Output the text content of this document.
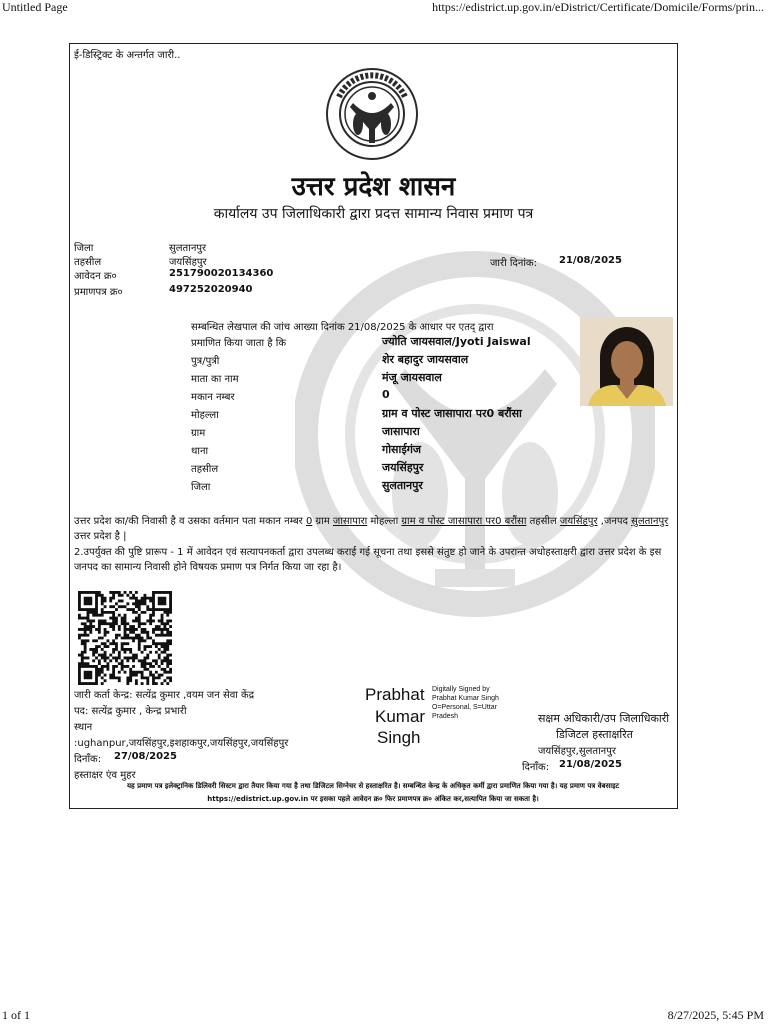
Untitled Page	https://edistrict.up.gov.in/eDistrict/Certificate/Domicile/Forms/prin...
1 of 1	8/27/2025, 5:45 PM
ई-डिस्ट्रिक्ट के अन्तर्गत जारी..
उत्तर प्रदेश शासन
कार्यालय उप जिलाधिकारी द्वारा प्रदत्त सामान्य निवास प्रमाण पत्र
जिला	सुलतानपुर
तहसील	जयसिंहपुर
आवेदन क्र०	251790020134360
प्रमाणपत्र क्र०	497252020940
जारी दिनांक: 21/08/2025
सम्बन्धित लेखपाल की जांच आख्या दिनांक 21/08/2025 के आधार पर एतद् द्वारा
प्रमाणित किया जाता है कि	ज्योति जायसवाल/Jyoti Jaiswal
पुत्र/पुत्री	शेर बहादुर जायसवाल
माता का नाम	मंजू जायसवाल
मकान नम्बर	0
मोहल्ला	ग्राम व पोस्ट जासापारा पर0 बरौंसा
ग्राम	जासापारा
थाना	गोसाईगंज
तहसील	जयसिंहपुर
जिला	सुलतानपुर
उत्तर प्रदेश का/की निवासी है व उसका वर्तमान पता मकान नम्बर 0 ग्राम जासापारा मोहल्ला ग्राम व पोस्ट जासापारा पर0 बरौंसा तहसील जयसिंहपुर ,जनपद सुलतानपुर उत्तर प्रदेश है |
2.उपर्युक्त की पुष्टि प्रारूप - 1 में आवेदन एवं सत्यापनकर्ता द्वारा उपलब्ध कराई गई सूचना तथा इससे संतुष्ट हो जाने के उपरान्त अधोहस्ताक्षरी द्वारा उत्तर प्रदेश के इस जनपद का सामान्य निवासी होने विषयक प्रमाण पत्र निर्गत किया जा रहा है।
जारी कर्ता केन्द्र: सत्येंद्र कुमार ,वयम जन सेवा केंद्र
पद: सत्येंद्र कुमार , केन्द्र प्रभारी
स्थान
:ughanpur,जयसिंहपुर,इशहाकपुर,जयसिंहपुर,जयसिंहपुर
दिनाँक: 27/08/2025
हस्ताक्षर एंव मुहर
Prabhat
Kumar
Singh
Digitally Signed by Prabhat Kumar Singh O=Personal, S=Uttar Pradesh	सक्षम अधिकारी/उप जिलाधिकारी
डिजिटल हस्ताक्षरित
जयसिंहपुर,सुलतानपुर
दिनाँक: 21/08/2025
यह प्रमाण पत्र इलेक्ट्रानिक डिलिवरी सिस्टम द्वारा तैयार किया गया है तथा डिजिटल सिग्नेचर से हस्ताक्षरित है। सम्बन्धित केन्द्र के अधिकृत कर्मी द्वारा प्रमाणित किया गया है। यह प्रमाण पत्र वेबसाइट https://edistrict.up.gov.in पर इसका पहले आवेदन क्र० फिर प्रमाणपत्र क्र० अंकित कर,सत्यापित किया जा सकता है।
